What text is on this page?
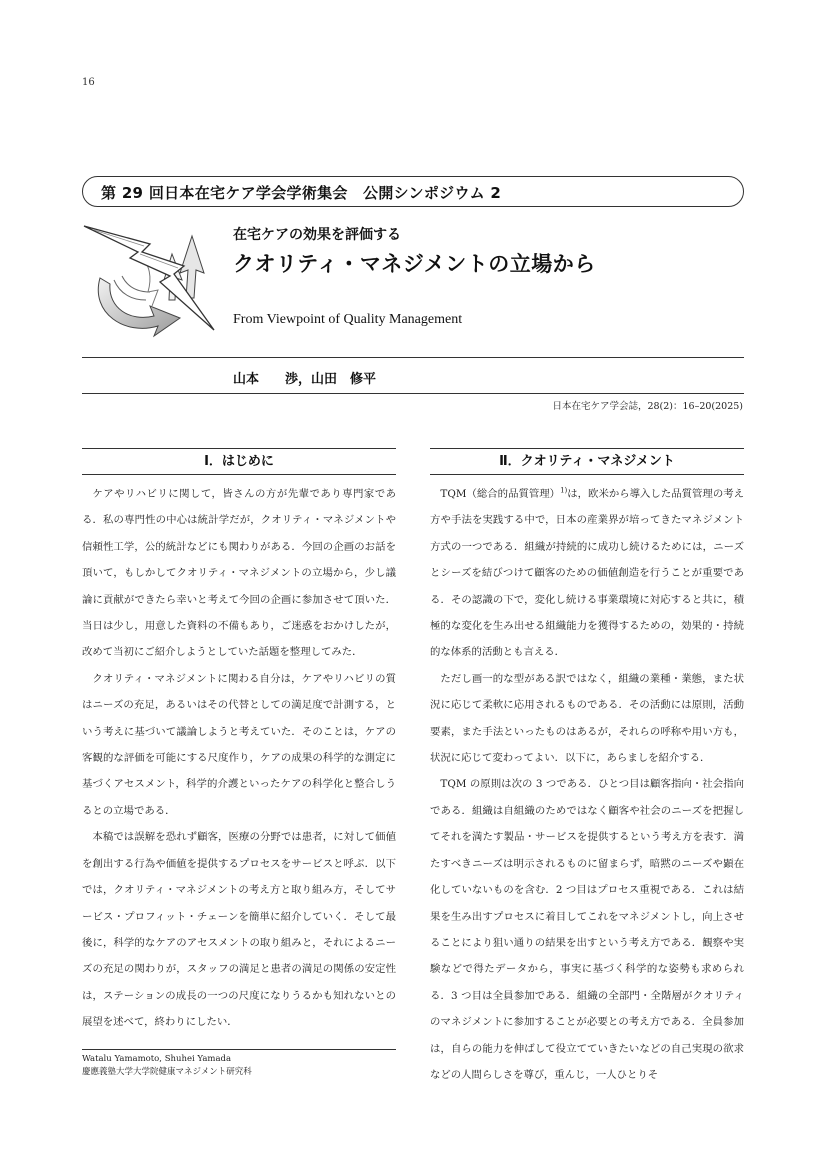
16
第 29 回日本在宅ケア学会学術集会　公開シンポジウム 2
在宅ケアの効果を評価する
クオリティ・マネジメントの立場から
From Viewpoint of Quality Management
山本　　渉，山田　修平
日本在宅ケア学会誌，28(2)：16–20(2025)
Ⅰ．はじめに

ケアやリハビリに関して，皆さんの方が先輩であり専門家である．私の専門性の中心は統計学だが，クオリティ・マネジメントや信頼性工学，公的統計などにも関わりがある．今回の企画のお話を頂いて，もしかしてクオリティ・マネジメントの立場から，少し議論に貢献ができたら幸いと考えて今回の企画に参加させて頂いた．当日は少し，用意した資料の不備もあり，ご迷惑をおかけしたが，改めて当初にご紹介しようとしていた話題を整理してみた．

クオリティ・マネジメントに関わる自分は，ケアやリハビリの質はニーズの充足，あるいはその代替としての満足度で計測する，という考えに基づいて議論しようと考えていた．そのことは，ケアの客観的な評価を可能にする尺度作り，ケアの成果の科学的な測定に基づくアセスメント，科学的介護といったケアの科学化と整合しうるとの立場である．

本稿では誤解を恐れず顧客，医療の分野では患者，に対して価値を創出する行為や価値を提供するプロセスをサービスと呼ぶ．以下では，クオリティ・マネジメントの考え方と取り組み方，そしてサービス・プロフィット・チェーンを簡単に紹介していく．そして最後に，科学的なケアのアセスメントの取り組みと，それによるニーズの充足の関わりが，スタッフの満足と患者の満足の関係の安定性は，ステーションの成長の一つの尺度になりうるかも知れないとの展望を述べて，終わりにしたい．

Ⅱ．クオリティ・マネジメント

TQM（総合的品質管理）$^{1)}$は，欧米から導入した品質管理の考え方や手法を実践する中で，日本の産業界が培ってきたマネジメント方式の一つである．組織が持続的に成功し続けるためには，ニーズとシーズを結びつけて顧客のための価値創造を行うことが重要である．その認識の下で，変化し続ける事業環境に対応すると共に，積極的な変化を生み出せる組織能力を獲得するための，効果的・持続的な体系的活動とも言える．

ただし画一的な型がある訳ではなく，組織の業種・業態，また状況に応じて柔軟に応用されるものである．その活動には原則，活動要素，また手法といったものはあるが，それらの呼称や用い方も，状況に応じて変わってよい．以下に，あらましを紹介する．

TQM の原則は次の 3 つである．ひとつ目は顧客指向・社会指向である．組織は自組織のためではなく顧客や社会のニーズを把握してそれを満たす製品・サービスを提供するという考え方を表す．満たすべきニーズは明示されるものに留まらず，暗黙のニーズや顕在化していないものを含む．2 つ目はプロセス重視である．これは結果を生み出すプロセスに着目してこれをマネジメントし，向上させることにより狙い通りの結果を出すという考え方である．観察や実験などで得たデータから，事実に基づく科学的な姿勢も求められる．3 つ目は全員参加である．組織の全部門・全階層がクオリティのマネジメントに参加することが必要との考え方である．全員参加は，自らの能力を伸ばして役立てていきたいなどの自己実現の欲求などの人間らしさを尊び，重んじ，一人ひとりそ

Watalu Yamamoto, Shuhei Yamada
慶應義塾大学大学院健康マネジメント研究科
